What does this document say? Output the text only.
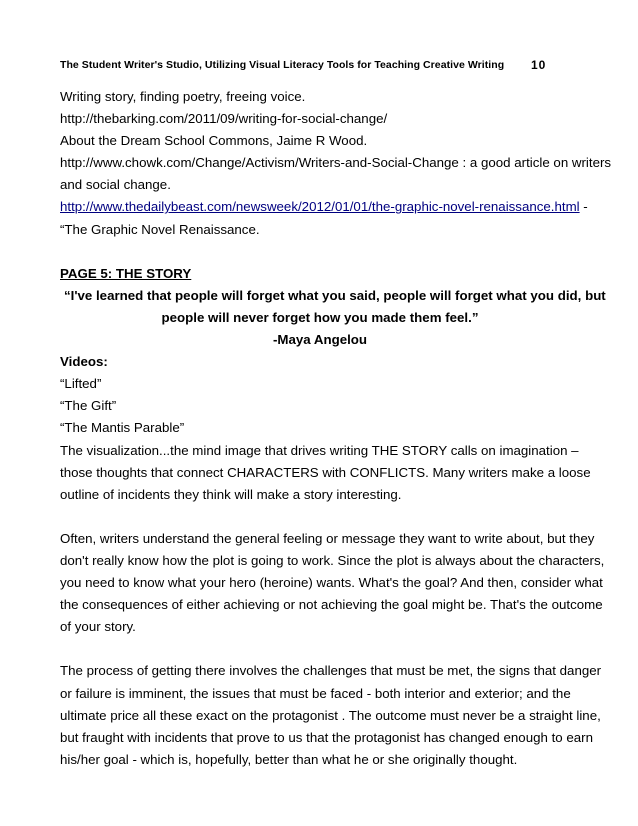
The Student Writer's Studio, Utilizing Visual Literacy Tools for Teaching Creative Writing 10
Writing story, finding poetry, freeing voice.
http://thebarking.com/2011/09/writing-for-social-change/
About the Dream School Commons, Jaime R Wood.
http://www.chowk.com/Change/Activism/Writers-and-Social-Change : a good article on writers
and social change.
http://www.thedailybeast.com/newsweek/2012/01/01/the-graphic-novel-renaissance.html -
“The Graphic Novel Renaissance.
PAGE 5: THE STORY
“I've learned that people will forget what you said, people will forget what you did, but
people will never forget how you made them feel.”
-Maya Angelou
Videos:
“Lifted”
“The Gift”
“The Mantis Parable”
The visualization...the mind image that drives writing THE STORY calls on imagination –
those thoughts that connect CHARACTERS with CONFLICTS. Many writers make a loose
outline of incidents they think will make a story interesting.
Often, writers understand the general feeling or message they want to write about, but they
don't really know how the plot is going to work. Since the plot is always about the characters,
you need to know what your hero (heroine) wants. What's the goal? And then, consider what
the consequences of either achieving or not achieving the goal might be. That's the outcome
of your story.
The process of getting there involves the challenges that must be met, the signs that danger
or failure is imminent, the issues that must be faced - both interior and exterior; and the
ultimate price all these exact on the protagonist . The outcome must never be a straight line,
but fraught with incidents that prove to us that the protagonist has changed enough to earn
his/her goal - which is, hopefully, better than what he or she originally thought.
